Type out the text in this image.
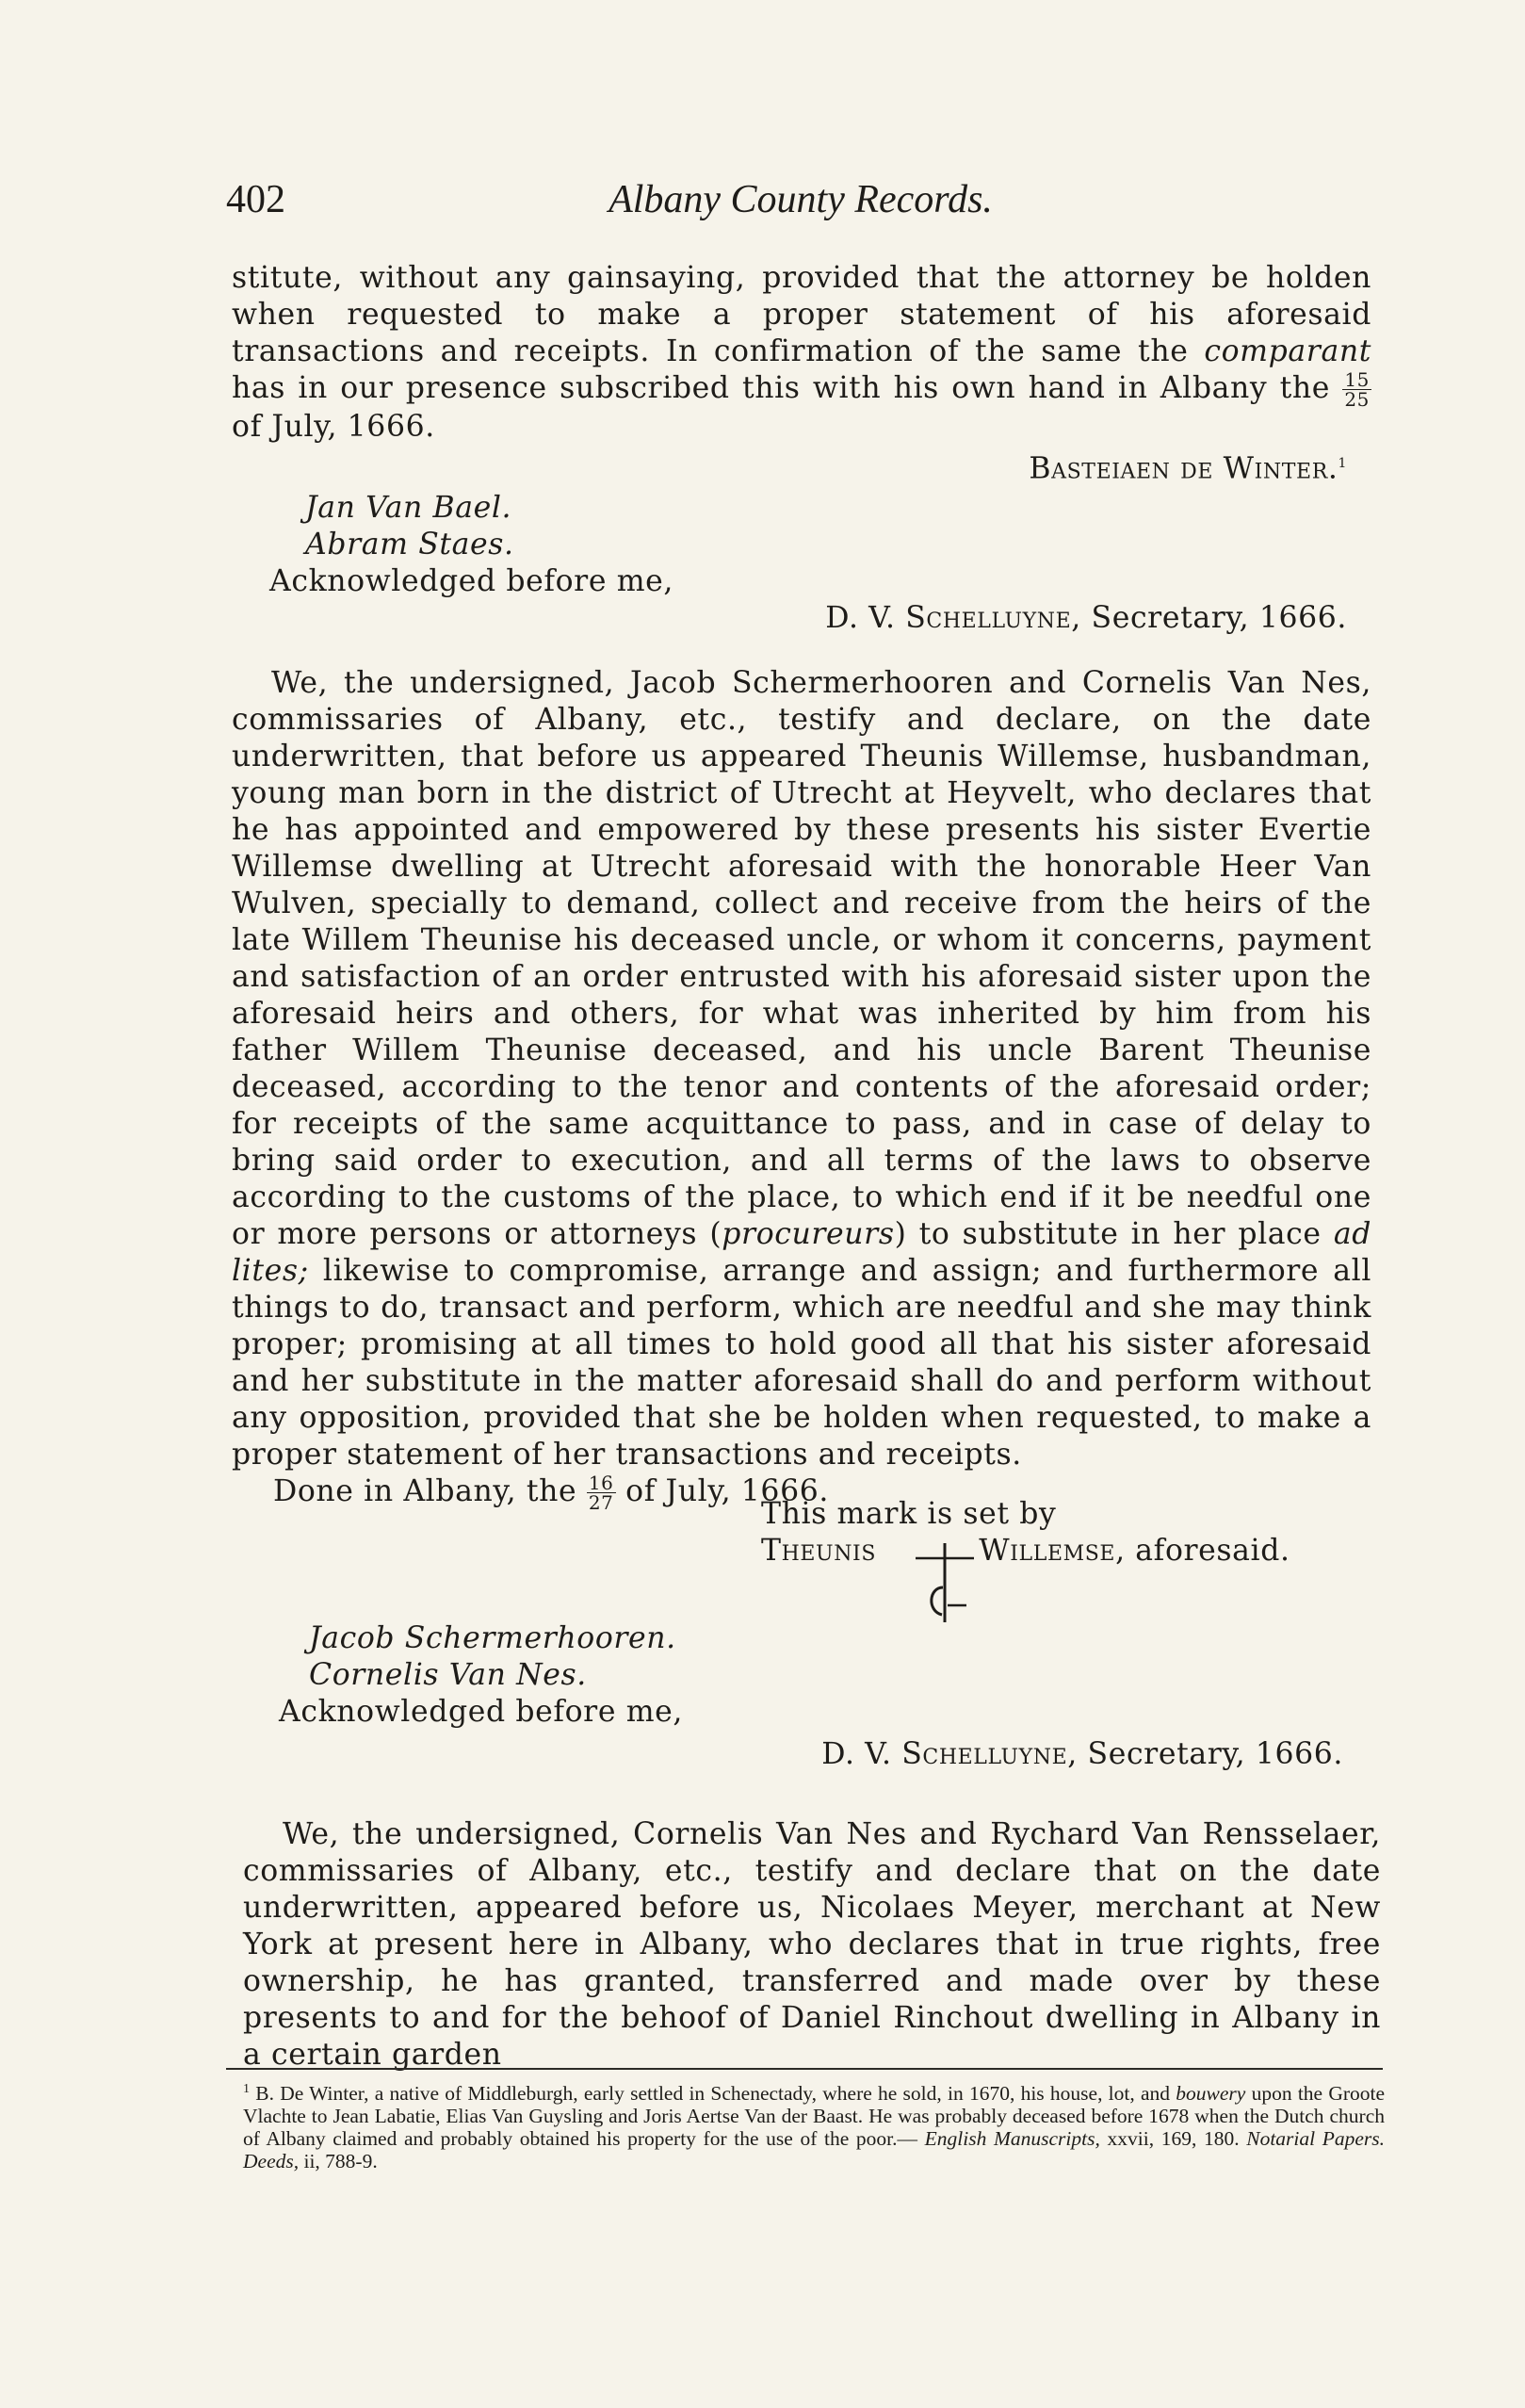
402	Albany County Records.

stitute, without any gainsaying, provided that the attorney be holden when requested to make a proper statement of his aforesaid transactions and receipts. In confirmation of the same the comparant has in our presence subscribed this with his own hand in Albany the $\frac{15}{25}$
of July, 1666.

Basteiaen de Winter.$^1$
Jan Van Bael.
Abram Staes.
Acknowledged before me,
D. V. Schelluyne, Secretary, 1666.

We, the undersigned, Jacob Schermerhooren and Cornelis Van Nes, commissaries of Albany, etc., testify and declare, on the date underwritten, that before us appeared Theunis Willemse, husbandman, young man born in the district of Utrecht at Heyvelt, who declares that he has appointed and empowered by these presents his sister Evertie Willemse dwelling at Utrecht aforesaid with the honorable Heer Van Wulven, specially to demand, collect and receive from the heirs of the late Willem Theunise his deceased uncle, or whom it concerns, payment and satisfaction of an order entrusted with his aforesaid sister upon the aforesaid heirs and others, for what was inherited by him from his father Willem Theunise deceased, and his uncle Barent Theunise deceased, according to the tenor and contents of the aforesaid order; for receipts of the same acquittance to pass, and in case of delay to bring said order to execution, and all terms of the laws to observe according to the customs of the place, to which end if it be needful one or more persons or attorneys (procureurs) to substitute in her place ad lites; likewise to compromise, arrange and assign; and furthermore all things to do, transact and perform, which are needful and she may think proper; promising at all times to hold good all that his sister aforesaid and her substitute in the matter aforesaid shall do and perform without any opposition, provided that she be holden when requested, to make a proper statement of her transactions and receipts.

Done in Albany, the $\frac{16}{27}$ of July, 1666.
This mark is set by
Theunis	Willemse, aforesaid.
Jacob Schermerhooren.
Cornelis Van Nes.
Acknowledged before me,
D. V. Schelluyne, Secretary, 1666.

We, the undersigned, Cornelis Van Nes and Rychard Van Rensselaer, commissaries of Albany, etc., testify and declare that on the date underwritten, appeared before us, Nicolaes Meyer, merchant at New York at present here in Albany, who declares that in true rights, free ownership, he has granted, transferred and made over by these presents to and for the behoof of Daniel Rinchout dwelling in Albany in a certain garden

$^1$ B. De Winter, a native of Middleburgh, early settled in Schenectady, where he sold, in 1670, his house, lot, and bouwery upon the Groote Vlachte to Jean Labatie, Elias Van Guysling and Joris Aertse Van der Baast. He was probably deceased before 1678 when the Dutch church of Albany claimed and probably obtained his property for the use of the poor.— English Manuscripts, xxvii, 169, 180. Notarial Papers. Deeds, ii, 788-9.
